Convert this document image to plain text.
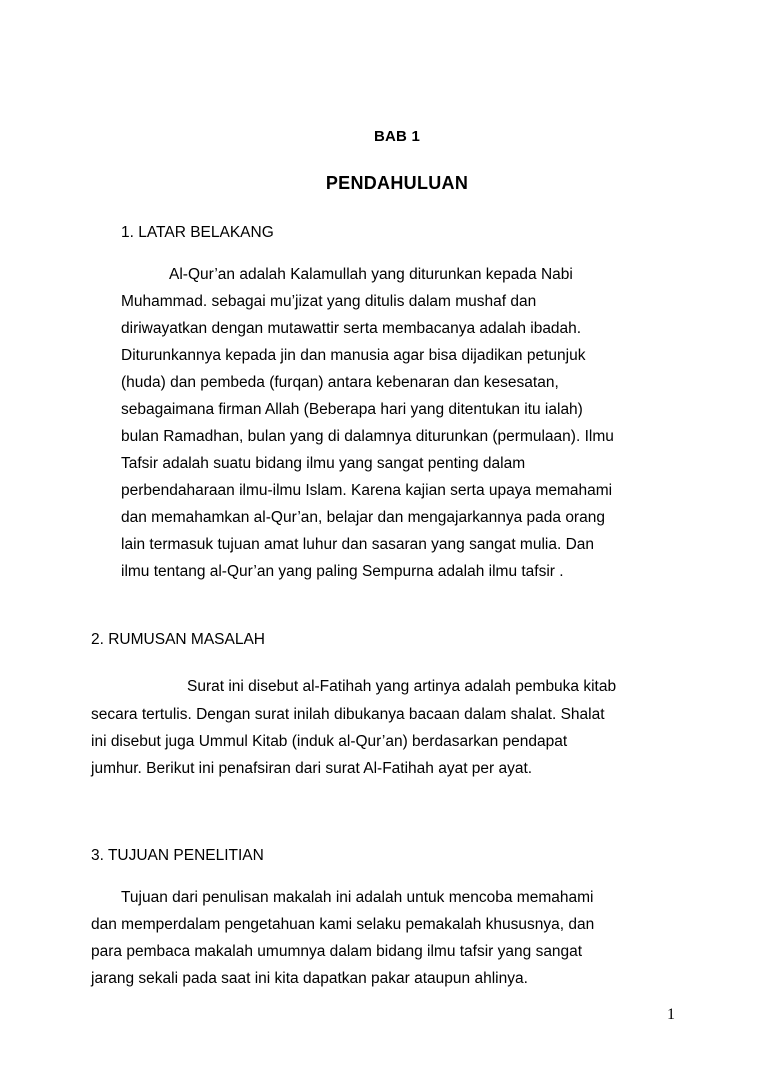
BAB 1
PENDAHULUAN
1. LATAR BELAKANG
Al-Qur’an adalah Kalamullah yang diturunkan kepada Nabi
Muhammad. sebagai mu’jizat yang ditulis dalam mushaf dan
diriwayatkan dengan mutawattir serta membacanya adalah ibadah.
Diturunkannya kepada jin dan manusia agar bisa dijadikan petunjuk
(huda) dan pembeda (furqan) antara kebenaran dan kesesatan,
sebagaimana firman Allah (Beberapa hari yang ditentukan itu ialah)
bulan Ramadhan, bulan yang di dalamnya diturunkan (permulaan). Ilmu
Tafsir adalah suatu bidang ilmu yang sangat penting dalam
perbendaharaan ilmu-ilmu Islam. Karena kajian serta upaya memahami
dan memahamkan al-Qur’an, belajar dan mengajarkannya pada orang
lain termasuk tujuan amat luhur dan sasaran yang sangat mulia. Dan
ilmu tentang al-Qur’an yang paling Sempurna adalah ilmu tafsir .
2. RUMUSAN MASALAH
Surat ini disebut al-Fatihah yang artinya adalah pembuka kitab
secara tertulis. Dengan surat inilah dibukanya bacaan dalam shalat. Shalat
ini disebut juga Ummul Kitab (induk al-Qur’an) berdasarkan pendapat
jumhur. Berikut ini penafsiran dari surat Al-Fatihah ayat per ayat.
3. TUJUAN PENELITIAN
Tujuan dari penulisan makalah ini adalah untuk mencoba memahami
dan memperdalam pengetahuan kami selaku pemakalah khususnya, dan
para pembaca makalah umumnya dalam bidang ilmu tafsir yang sangat
jarang sekali pada saat ini kita dapatkan pakar ataupun ahlinya.
1
